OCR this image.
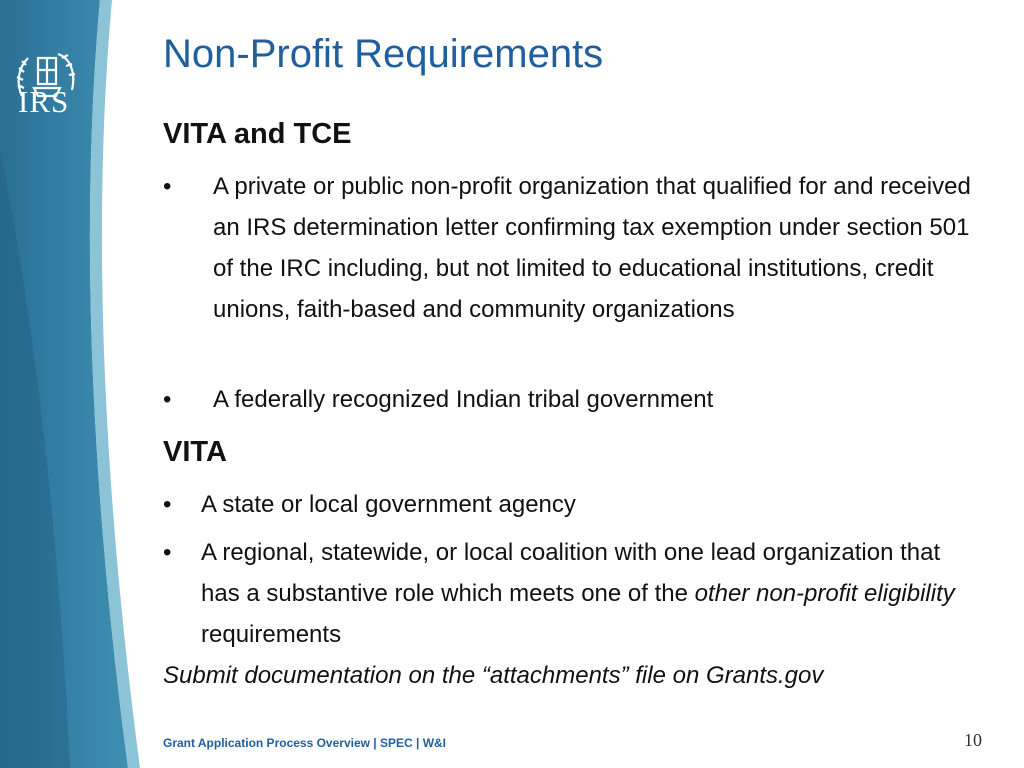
IRS
Non-Profit Requirements
VITA and TCE
• A private or public non-profit organization that qualified for and received an IRS determination letter confirming tax exemption under section 501 of the IRC including, but not limited to educational institutions, credit unions, faith-based and community organizations
• A federally recognized Indian tribal government
VITA
• A state or local government agency
• A regional, statewide, or local coalition with one lead organization that has a substantive role which meets one of the other non-profit eligibility requirements
Submit documentation on the “attachments” file on Grants.gov
Grant Application Process Overview | SPEC | W&I	10
